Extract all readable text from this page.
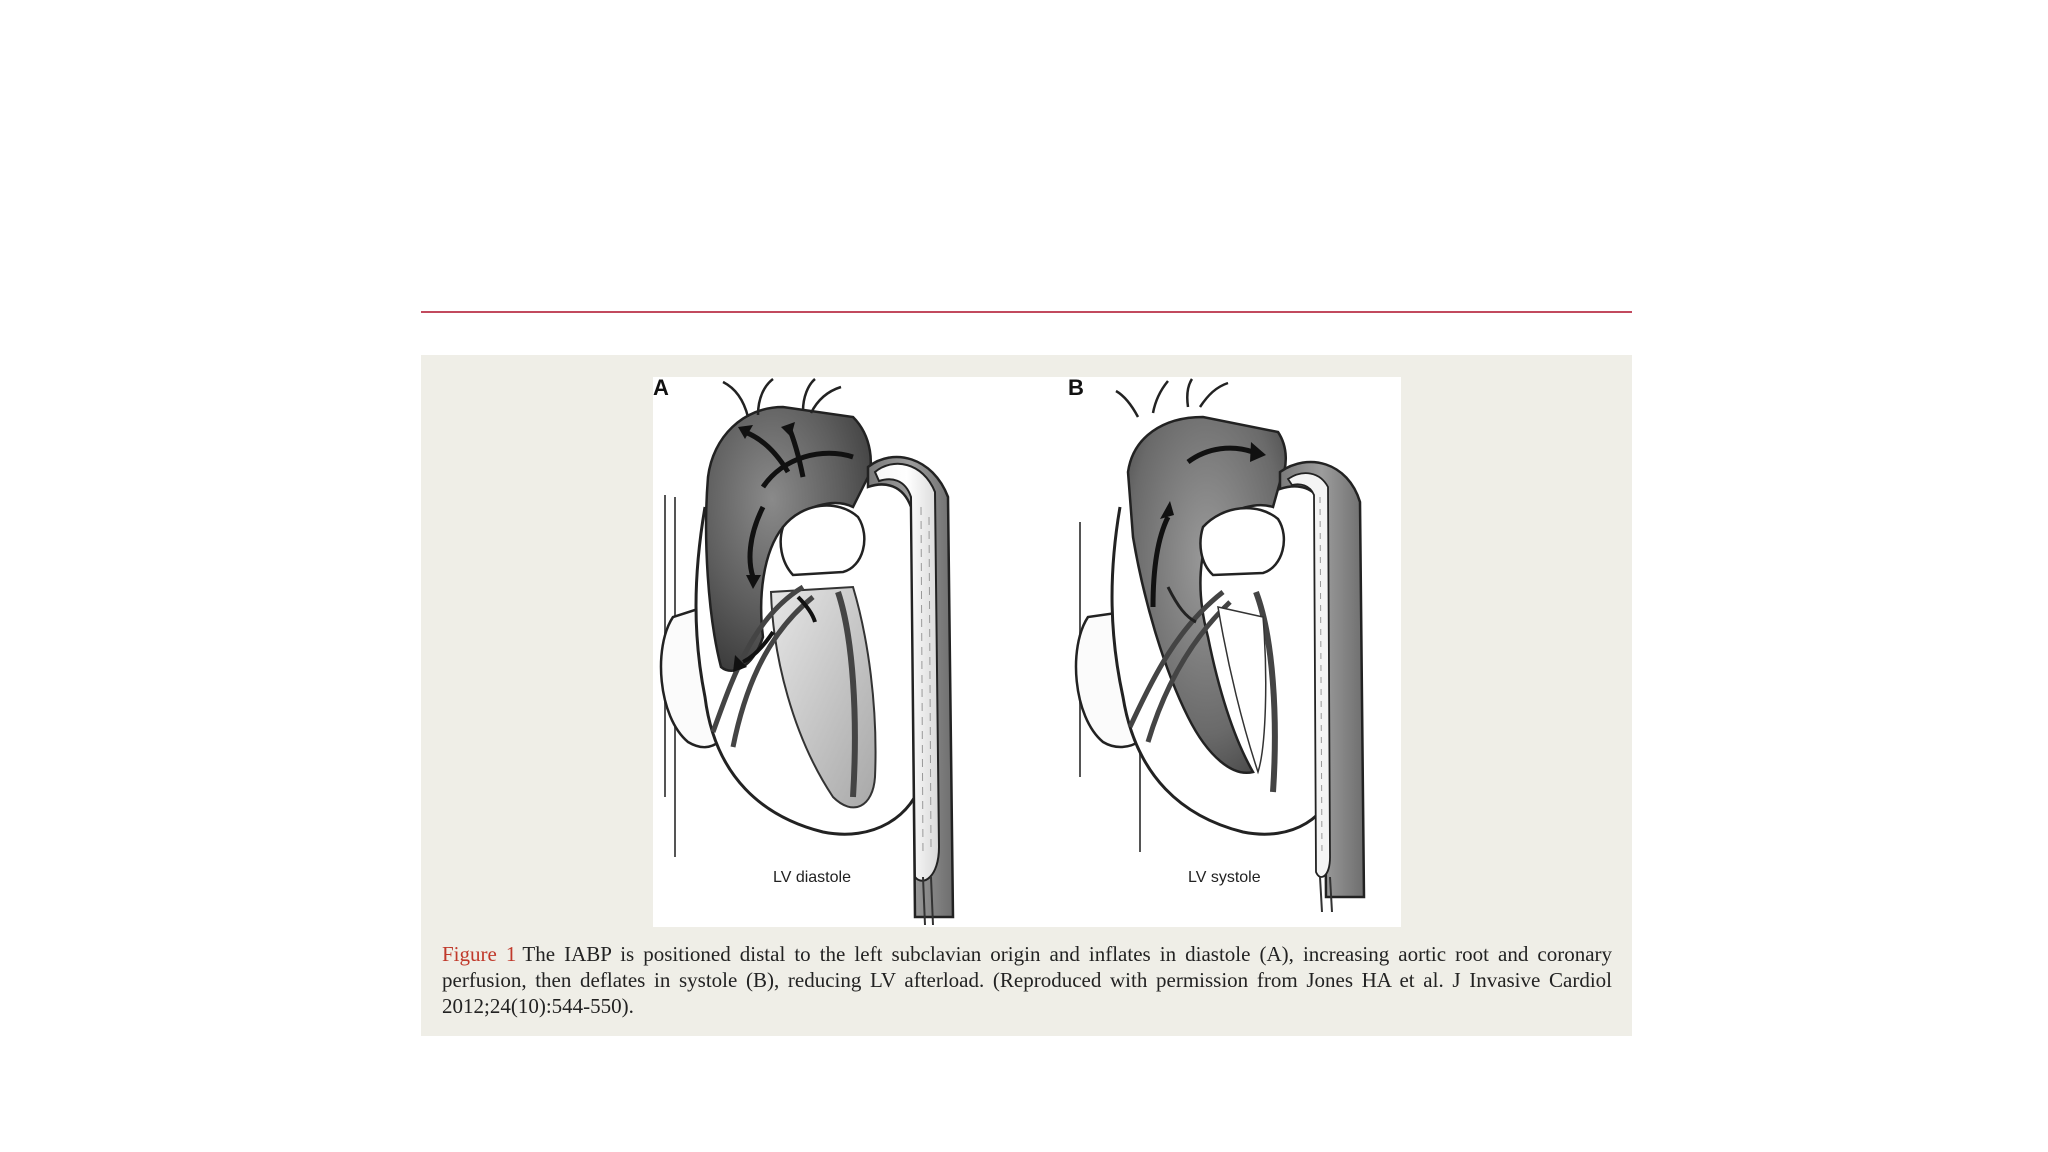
A
LV diastole
B
LV systole
Figure 1 The IABP is positioned distal to the left subclavian origin and inflates in diastole (A), increasing aortic root and coronary perfusion, then deflates in systole (B), reducing LV afterload. (Reproduced with permission from Jones HA et al. J Invasive Cardiol 2012;24(10):544-550).
